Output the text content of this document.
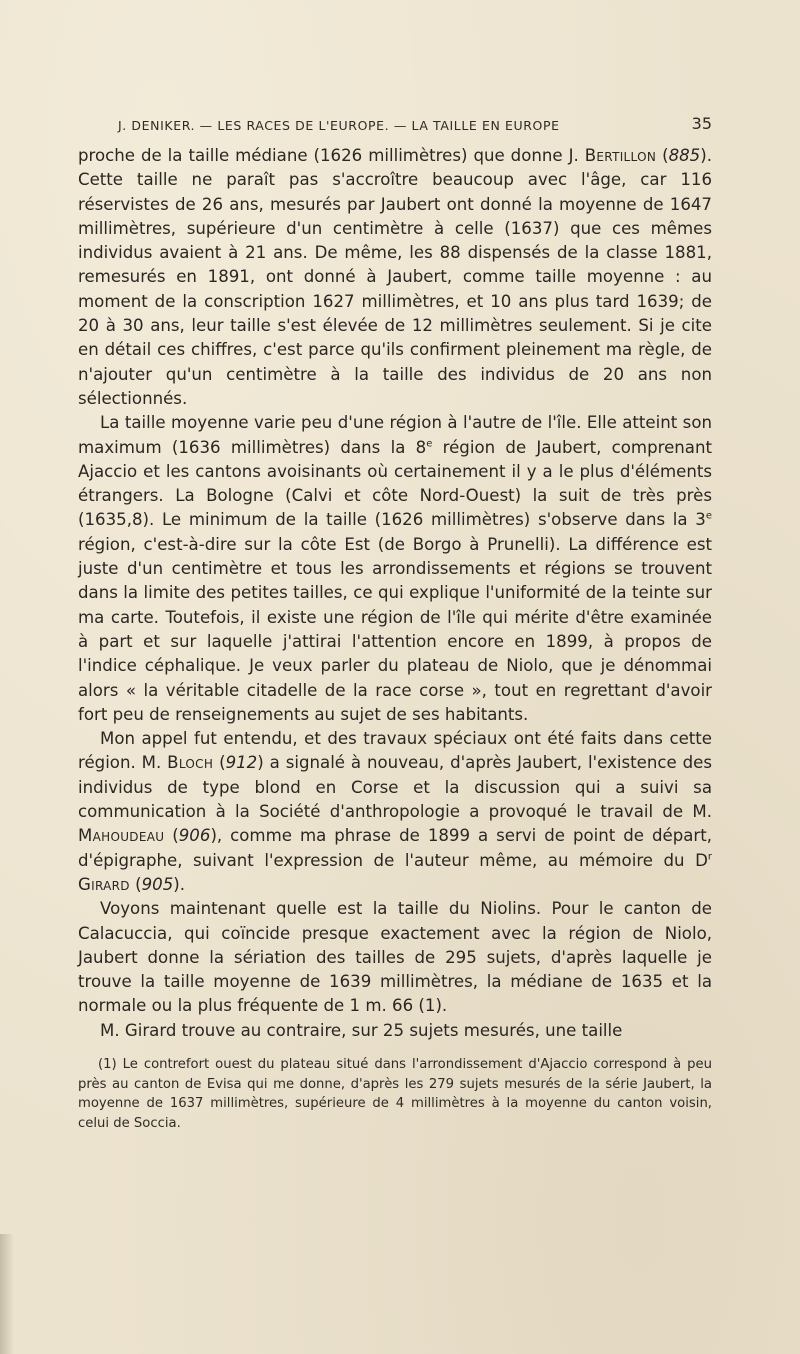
J. DENIKER. — LES RACES DE L'EUROPE. — LA TAILLE EN EUROPE	35

proche de la taille médiane (1626 millimètres) que donne J. Bertillon (885). Cette taille ne paraît pas s'accroître beaucoup avec l'âge, car 116 réservistes de 26 ans, mesurés par Jaubert ont donné la moyenne de 1647 millimètres, supérieure d'un centimètre à celle (1637) que ces mêmes individus avaient à 21 ans. De même, les 88 dispensés de la classe 1881, remesurés en 1891, ont donné à Jaubert, comme taille moyenne : au moment de la conscription 1627 millimètres, et 10 ans plus tard 1639; de 20 à 30 ans, leur taille s'est élevée de 12 millimètres seulement. Si je cite en détail ces chiffres, c'est parce qu'ils confirment pleinement ma règle, de n'ajouter qu'un centimètre à la taille des individus de 20 ans non sélectionnés.

La taille moyenne varie peu d'une région à l'autre de l'île. Elle atteint son maximum (1636 millimètres) dans la 8e région de Jaubert, comprenant Ajaccio et les cantons avoisinants où certainement il y a le plus d'éléments étrangers. La Bologne (Calvi et côte Nord-Ouest) la suit de très près (1635,8). Le minimum de la taille (1626 millimètres) s'observe dans la 3e région, c'est-à-dire sur la côte Est (de Borgo à Prunelli). La différence est juste d'un centimètre et tous les arrondissements et régions se trouvent dans la limite des petites tailles, ce qui explique l'uniformité de la teinte sur ma carte. Toutefois, il existe une région de l'île qui mérite d'être examinée à part et sur laquelle j'attirai l'attention encore en 1899, à propos de l'indice céphalique. Je veux parler du plateau de Niolo, que je dénommai alors « la véritable citadelle de la race corse », tout en regrettant d'avoir fort peu de renseignements au sujet de ses habitants.

Mon appel fut entendu, et des travaux spéciaux ont été faits dans cette région. M. Bloch (912) a signalé à nouveau, d'après Jaubert, l'existence des individus de type blond en Corse et la discussion qui a suivi sa communication à la Société d'anthropologie a provoqué le travail de M. Mahoudeau (906), comme ma phrase de 1899 a servi de point de départ, d'épigraphe, suivant l'expression de l'auteur même, au mémoire du $D^r$ Girard (905).

Voyons maintenant quelle est la taille du Niolins. Pour le canton de Calacuccia, qui coïncide presque exactement avec la région de Niolo, Jaubert donne la sériation des tailles de 295 sujets, d'après laquelle je trouve la taille moyenne de 1639 millimètres, la médiane de 1635 et la normale ou la plus fréquente de 1 m. 66 (1).

M. Girard trouve au contraire, sur 25 sujets mesurés, une taille

(1) Le contrefort ouest du plateau situé dans l'arrondissement d'Ajaccio correspond à peu près au canton de Evisa qui me donne, d'après les 279 sujets mesurés de la série Jaubert, la moyenne de 1637 millimètres, supérieure de 4 millimètres à la moyenne du canton voisin, celui de Soccia.
